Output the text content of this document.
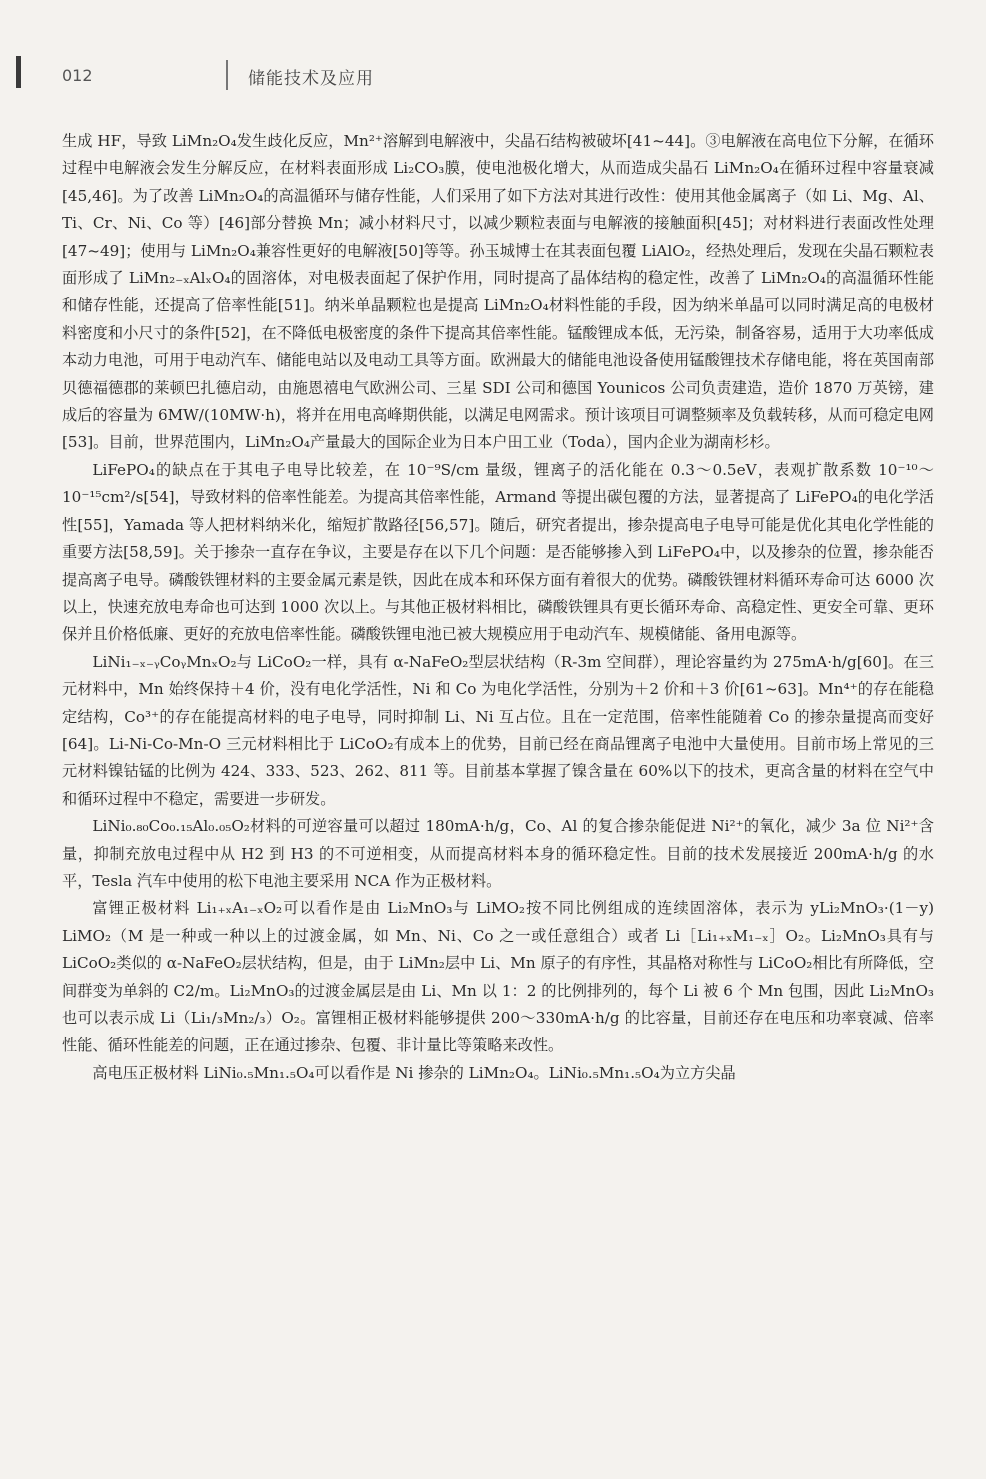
012	储能技术及应用

生成 HF，导致 LiMn₂O₄发生歧化反应，Mn²⁺溶解到电解液中，尖晶石结构被破坏[41~44]。③电解液在高电位下分解，在循环过程中电解液会发生分解反应，在材料表面形成 Li₂CO₃膜，使电池极化增大，从而造成尖晶石 LiMn₂O₄在循环过程中容量衰减[45,46]。为了改善 LiMn₂O₄的高温循环与储存性能，人们采用了如下方法对其进行改性：使用其他金属离子（如 Li、Mg、Al、Ti、Cr、Ni、Co 等）[46]部分替换 Mn；减小材料尺寸，以减少颗粒表面与电解液的接触面积[45]；对材料进行表面改性处理[47~49]；使用与 LiMn₂O₄兼容性更好的电解液[50]等等。孙玉城博士在其表面包覆 LiAlO₂，经热处理后，发现在尖晶石颗粒表面形成了 LiMn₂₋ₓAlₓO₄的固溶体，对电极表面起了保护作用，同时提高了晶体结构的稳定性，改善了 LiMn₂O₄的高温循环性能和储存性能，还提高了倍率性能[51]。纳米单晶颗粒也是提高 LiMn₂O₄材料性能的手段，因为纳米单晶可以同时满足高的电极材料密度和小尺寸的条件[52]，在不降低电极密度的条件下提高其倍率性能。锰酸锂成本低，无污染，制备容易，适用于大功率低成本动力电池，可用于电动汽车、储能电站以及电动工具等方面。欧洲最大的储能电池设备使用锰酸锂技术存储电能，将在英国南部贝德福德郡的莱顿巴扎德启动，由施恩禧电气欧洲公司、三星 SDI 公司和德国 Younicos 公司负责建造，造价 1870 万英镑，建成后的容量为 6MW/(10MW·h)，将并在用电高峰期供能，以满足电网需求。预计该项目可调整频率及负载转移，从而可稳定电网[53]。目前，世界范围内，LiMn₂O₄产量最大的国际企业为日本户田工业（Toda），国内企业为湖南杉杉。

LiFePO₄的缺点在于其电子电导比较差，在 10⁻⁹S/cm 量级，锂离子的活化能在 0.3～0.5eV，表观扩散系数 10⁻¹⁰～10⁻¹⁵cm²/s[54]，导致材料的倍率性能差。为提高其倍率性能，Armand 等提出碳包覆的方法，显著提高了 LiFePO₄的电化学活性[55]，Yamada 等人把材料纳米化，缩短扩散路径[56,57]。随后，研究者提出，掺杂提高电子电导可能是优化其电化学性能的重要方法[58,59]。关于掺杂一直存在争议，主要是存在以下几个问题：是否能够掺入到 LiFePO₄中，以及掺杂的位置，掺杂能否提高离子电导。磷酸铁锂材料的主要金属元素是铁，因此在成本和环保方面有着很大的优势。磷酸铁锂材料循环寿命可达 6000 次以上，快速充放电寿命也可达到 1000 次以上。与其他正极材料相比，磷酸铁锂具有更长循环寿命、高稳定性、更安全可靠、更环保并且价格低廉、更好的充放电倍率性能。磷酸铁锂电池已被大规模应用于电动汽车、规模储能、备用电源等。

LiNi₁₋ₓ₋ᵧCoᵧMnₓO₂与 LiCoO₂一样，具有 α-NaFeO₂型层状结构（R-3m 空间群），理论容量约为 275mA·h/g[60]。在三元材料中，Mn 始终保持＋4 价，没有电化学活性，Ni 和 Co 为电化学活性，分别为＋2 价和＋3 价[61~63]。Mn⁴⁺的存在能稳定结构，Co³⁺的存在能提高材料的电子电导，同时抑制 Li、Ni 互占位。且在一定范围，倍率性能随着 Co 的掺杂量提高而变好[64]。Li-Ni-Co-Mn-O 三元材料相比于 LiCoO₂有成本上的优势，目前已经在商品锂离子电池中大量使用。目前市场上常见的三元材料镍钴锰的比例为 424、333、523、262、811 等。目前基本掌握了镍含量在 60%以下的技术，更高含量的材料在空气中和循环过程中不稳定，需要进一步研发。

LiNi₀.₈₀Co₀.₁₅Al₀.₀₅O₂材料的可逆容量可以超过 180mA·h/g，Co、Al 的复合掺杂能促进 Ni²⁺的氧化，减少 3a 位 Ni²⁺含量，抑制充放电过程中从 H2 到 H3 的不可逆相变，从而提高材料本身的循环稳定性。目前的技术发展接近 200mA·h/g 的水平，Tesla 汽车中使用的松下电池主要采用 NCA 作为正极材料。

富锂正极材料 Li₁₊ₓA₁₋ₓO₂可以看作是由 Li₂MnO₃与 LiMO₂按不同比例组成的连续固溶体，表示为 yLi₂MnO₃·(1－y) LiMO₂（M 是一种或一种以上的过渡金属，如 Mn、Ni、Co 之一或任意组合）或者 Li［Li₁₊ₓM₁₋ₓ］O₂。Li₂MnO₃具有与 LiCoO₂类似的 α-NaFeO₂层状结构，但是，由于 LiMn₂层中 Li、Mn 原子的有序性，其晶格对称性与 LiCoO₂相比有所降低，空间群变为单斜的 C2/m。Li₂MnO₃的过渡金属层是由 Li、Mn 以 1：2 的比例排列的，每个 Li 被 6 个 Mn 包围，因此 Li₂MnO₃也可以表示成 Li（Li₁/₃Mn₂/₃）O₂。富锂相正极材料能够提供 200～330mA·h/g 的比容量，目前还存在电压和功率衰减、倍率性能、循环性能差的问题，正在通过掺杂、包覆、非计量比等策略来改性。

高电压正极材料 LiNi₀.₅Mn₁.₅O₄可以看作是 Ni 掺杂的 LiMn₂O₄。LiNi₀.₅Mn₁.₅O₄为立方尖晶
